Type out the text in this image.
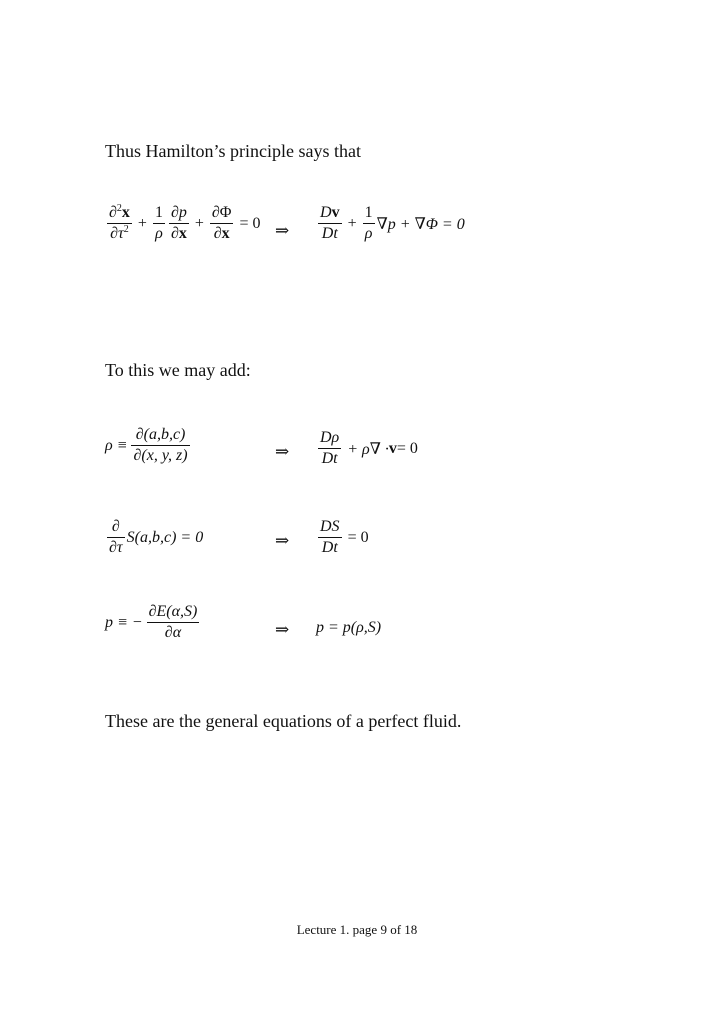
Thus Hamilton’s principle says that
$\frac{\partial^2x}{\partial\tau^2} + \frac{1}{\rho} \frac{\partial p}{\partial x} + \frac{\partial\Phi}{\partial x} = 0$ ⇒ $\frac{Dv}{Dt} + \frac{1}{\rho} \nabla p + \nabla\Phi = 0$
To this we may add:
$\rho \equiv \frac{\partial(a,b,c)}{\partial(x, y, z)}$	⇒ $\frac{D\rho}{Dt} + \rho\nabla \cdot v = 0$
$\frac{\partial}{\partial\tau} S(a,b,c) = 0$	⇒ $\frac{DS}{Dt} = 0$
p ≡ − $\frac{\partial E(\alpha,S)}{\partial\alpha}$	⇒ p = p(ρ,S)
These are the general equations of a perfect fluid.
Lecture 1. page 9 of 18
